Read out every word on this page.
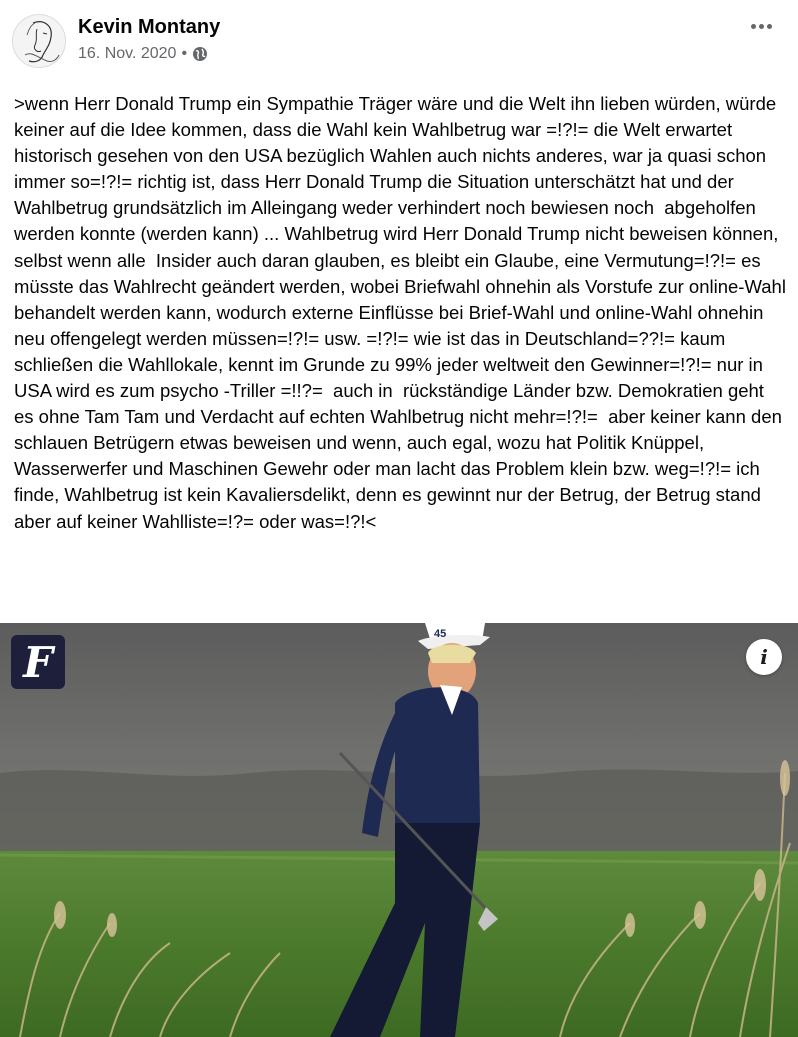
Kevin Montany
16. Nov. 2020 •
>wenn Herr Donald Trump ein Sympathie Träger wäre und die Welt ihn lieben würden, würde keiner auf die Idee kommen, dass die Wahl kein Wahlbetrug war =!?!= die Welt erwartet historisch gesehen von den USA bezüglich Wahlen auch nichts anderes, war ja quasi schon immer so=!?!= richtig ist, dass Herr Donald Trump die Situation unterschätzt hat und der Wahlbetrug grundsätzlich im Alleingang weder verhindert noch bewiesen noch  abgeholfen werden konnte (werden kann) ... Wahlbetrug wird Herr Donald Trump nicht beweisen können, selbst wenn alle  Insider auch daran glauben, es bleibt ein Glaube, eine Vermutung=!?!= es müsste das Wahlrecht geändert werden, wobei Briefwahl ohnehin als Vorstufe zur online-Wahl behandelt werden kann, wodurch externe Einflüsse bei Brief-Wahl und online-Wahl ohnehin neu offengelegt werden müssen=!?!= usw. =!?!= wie ist das in Deutschland=??!= kaum schließen die Wahllokale, kennt im Grunde zu 99% jeder weltweit den Gewinner=!?!= nur in USA wird es zum psycho -Triller =!!?=  auch in  rückständige Länder bzw. Demokratien geht es ohne Tam Tam und Verdacht auf echten Wahlbetrug nicht mehr=!?!=  aber keiner kann den schlauen Betrügern etwas beweisen und wenn, auch egal, wozu hat Politik Knüppel, Wasserwerfer und Maschinen Gewehr oder man lacht das Problem klein bzw. weg=!?!= ich finde, Wahlbetrug ist kein Kavaliersdelikt, denn es gewinnt nur der Betrug, der Betrug stand  aber auf keiner Wahlliste=!?= oder was=!?!<
45
F	i
